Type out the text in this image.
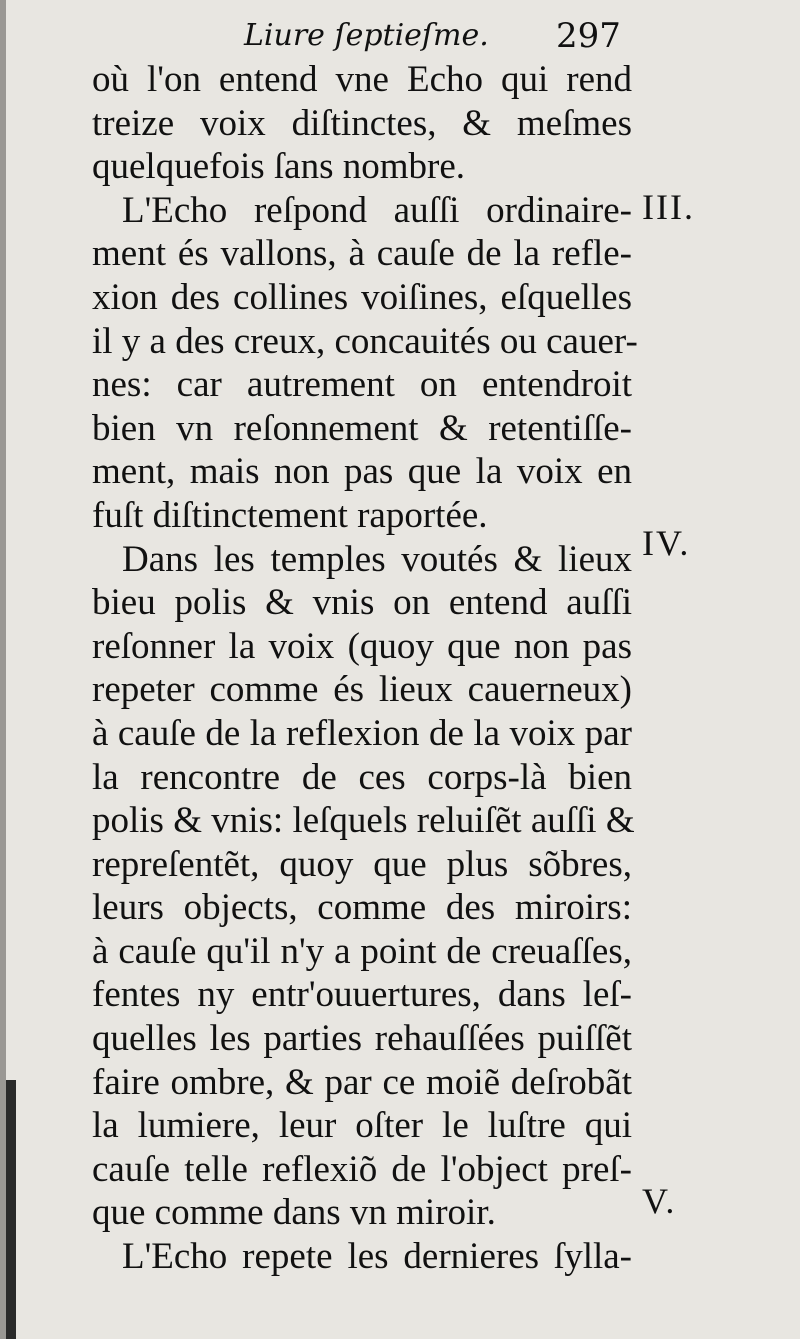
Liure ſeptieſme. 297
où l'on entend vne Echo qui rend
treize voix diſtinctes, & meſmes
quelquefois ſans nombre.
L'Echo reſpond auſſi ordinaire-
ment és vallons, à cauſe de la refle-
xion des collines voiſines, eſquelles
il y a des creux, concauités ou cauer-
nes: car autrement on entendroit
bien vn reſonnement & retentiſſe-
ment, mais non pas que la voix en
fuſt diſtinctement raportée.
Dans les temples voutés & lieux
bieu polis & vnis on entend auſſi
reſonner la voix (quoy que non pas
repeter comme és lieux cauerneux)
à cauſe de la reflexion de la voix par
la rencontre de ces corps-là bien
polis & vnis: leſquels reluiſẽt auſſi &
repreſentẽt, quoy que plus sõbres,
leurs objects, comme des miroirs:
à cauſe qu'il n'y a point de creuaſſes,
fentes ny entr'ouuertures, dans leſ-
quelles les parties rehauſſées puiſſẽt
faire ombre, & par ce moiẽ deſrobãt
la lumiere, leur oſter le luſtre qui
cauſe telle reflexiõ de l'object preſ-
que comme dans vn miroir.
L'Echo repete les dernieres ſylla-
III.
IV.
V.
